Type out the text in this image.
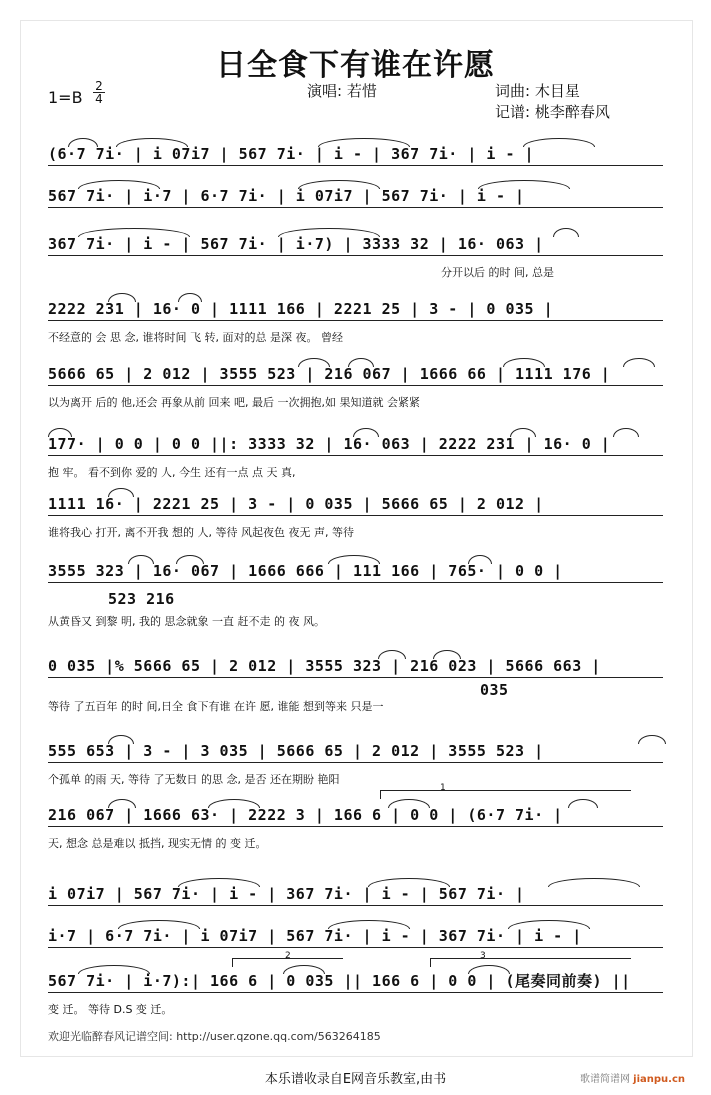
日全食下有谁在许愿
1=B
2
4	演唱: 若惜	词曲: 木目星
记谱: 桃李醉春风
(6·7 7i· | i 07i7 | 567 7i· | i - | 367 7i· | i - |
567 7i· | i·7 | 6·7 7i· | i 07i7 | 567 7i· | i - |
367 7i· | i - | 567 7i· | i·7) | 3333 32 | 16· 063 |
分开以后 的时 间, 总是
2222 231 | 16· 0 | 1111 166 | 2221 25 | 3 - | 0 035 |
不经意的 会 思 念, 谁将时间 飞 转, 面对的总 是深 夜。 曾经
5666 65 | 2 012 | 3555 523 | 216 067 | 1666 66 | 1111 176 |
以为离开 后的 他,还会 再象从前 回来 吧, 最后 一次拥抱,如 果知道就 会紧紧
177· | 0 0 | 0 0 ||: 3333 32 | 16· 063 | 2222 231 | 16· 0 |
抱 牢。 看不到你 爱的 人, 今生 还有一点 点 天 真,
1111 16· | 2221 25 | 3 - | 0 035 | 5666 65 | 2 012 |
谁将我心 打开, 离不开我 想的 人, 等待 风起夜色 夜无 声, 等待
3555 323 | 16· 067 | 1666 666 | 111 166 | 765· | 0 0 |
523 216
从黄昏又 到黎 明, 我的 思念就象 一直 赶不走 的 夜 风。
0 035 |% 5666 65 | 2 012 | 3555 323 | 216 023 | 5666 663 |
035
等待 了五百年 的时 间,日全 食下有谁 在许 愿, 谁能 想到等来 只是一
555 653 | 3 - | 3 035 | 5666 65 | 2 012 | 3555 523 |
个孤单 的雨 天, 等待 了无数日 的思 念, 是否 还在期盼 艳阳
1
216 067 | 1666 63· | 2222 3 | 166 6 | 0 0 | (6·7 7i· |
天, 想念 总是难以 抵挡, 现实无情 的 变 迁。
i 07i7 | 567 7i· | i - | 367 7i· | i - | 567 7i· |
i·7 | 6·7 7i· | i 07i7 | 567 7i· | i - | 367 7i· | i - |
2	3
567 7i· | i·7):| 166 6 | 0 035 || 166 6 | 0 0 | (尾奏同前奏) ||
变 迁。 等待 D.S 变 迁。
欢迎光临醉春风记谱空间: http://user.qzone.qq.com/563264185
本乐谱收录自E网音乐教室,由书	歌谱简谱网 jianpu.cn
